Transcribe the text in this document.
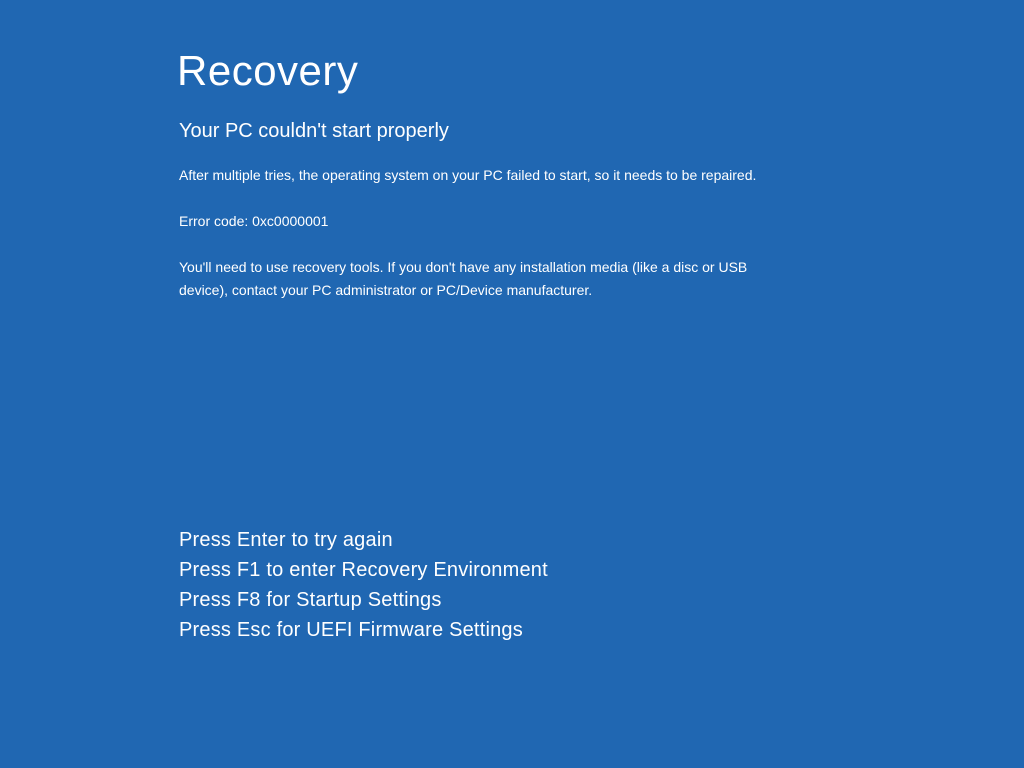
Recovery
Your PC couldn't start properly

After multiple tries, the operating system on your PC failed to start, so it needs to be repaired.

Error code: 0xc0000001

You'll need to use recovery tools. If you don't have any installation media (like a disc or USB device), contact your PC administrator or PC/Device manufacturer.

Press Enter to try again
Press F1 to enter Recovery Environment
Press F8 for Startup Settings
Press Esc for UEFI Firmware Settings
